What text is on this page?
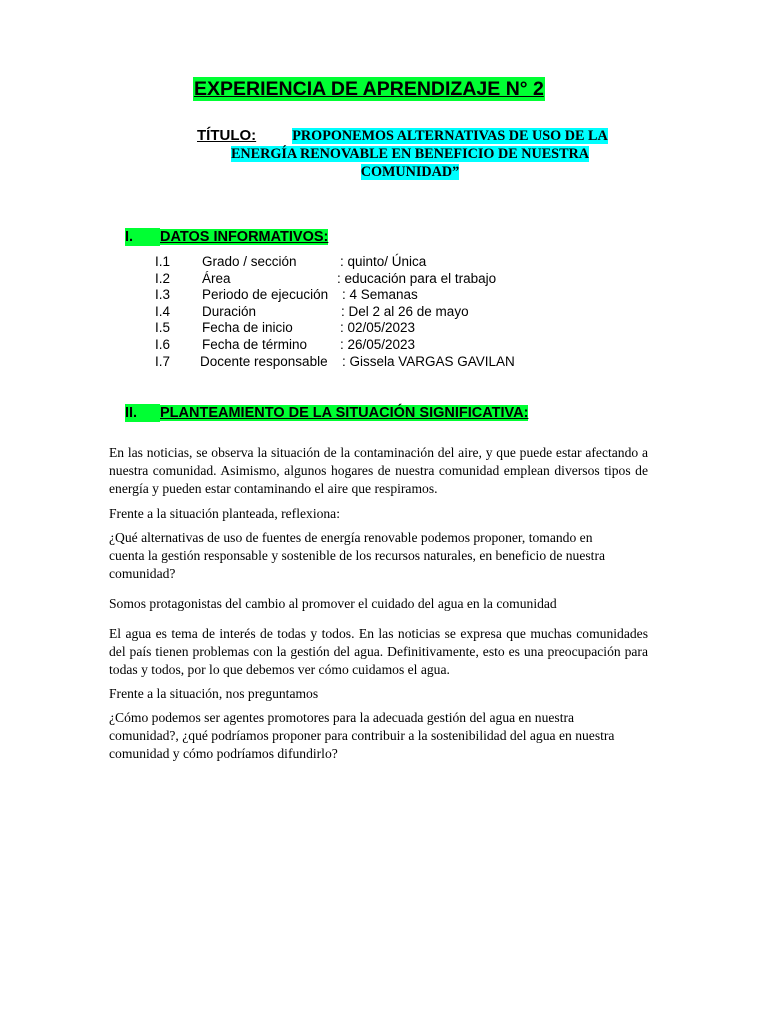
EXPERIENCIA DE APRENDIZAJE N° 2
TÍTULO:	PROPONEMOS ALTERNATIVAS DE USO DE LA
ENERGÍA RENOVABLE EN BENEFICIO DE NUESTRA
COMUNIDAD”
I. DATOS INFORMATIVOS:
I.1 Grado / sección	: quinto/ Única
I.2 Área	: educación para el trabajo
I.3 Periodo de ejecución : 4 Semanas
I.4 Duración	: Del 2 al 26 de mayo
I.5 Fecha de inicio	: 02/05/2023
I.6 Fecha de término : 26/05/2023
I.7 Docente responsable : Gissela VARGAS GAVILAN
II. PLANTEAMIENTO DE LA SITUACIÓN SIGNIFICATIVA:

En las noticias, se observa la situación de la contaminación del aire, y que puede estar afectando a nuestra comunidad. Asimismo, algunos hogares de nuestra comunidad emplean diversos tipos de energía y pueden estar contaminando el aire que respiramos.

Frente a la situación planteada, reflexiona:

¿Qué alternativas de uso de fuentes de energía renovable podemos proponer, tomando en cuenta la gestión responsable y sostenible de los recursos naturales, en beneficio de nuestra comunidad?

Somos protagonistas del cambio al promover el cuidado del agua en la comunidad

El agua es tema de interés de todas y todos. En las noticias se expresa que muchas comunidades del país tienen problemas con la gestión del agua. Definitivamente, esto es una preocupación para todas y todos, por lo que debemos ver cómo cuidamos el agua.

Frente a la situación, nos preguntamos

¿Cómo podemos ser agentes promotores para la adecuada gestión del agua en nuestra comunidad?, ¿qué podríamos proponer para contribuir a la sostenibilidad del agua en nuestra comunidad y cómo podríamos difundirlo?
